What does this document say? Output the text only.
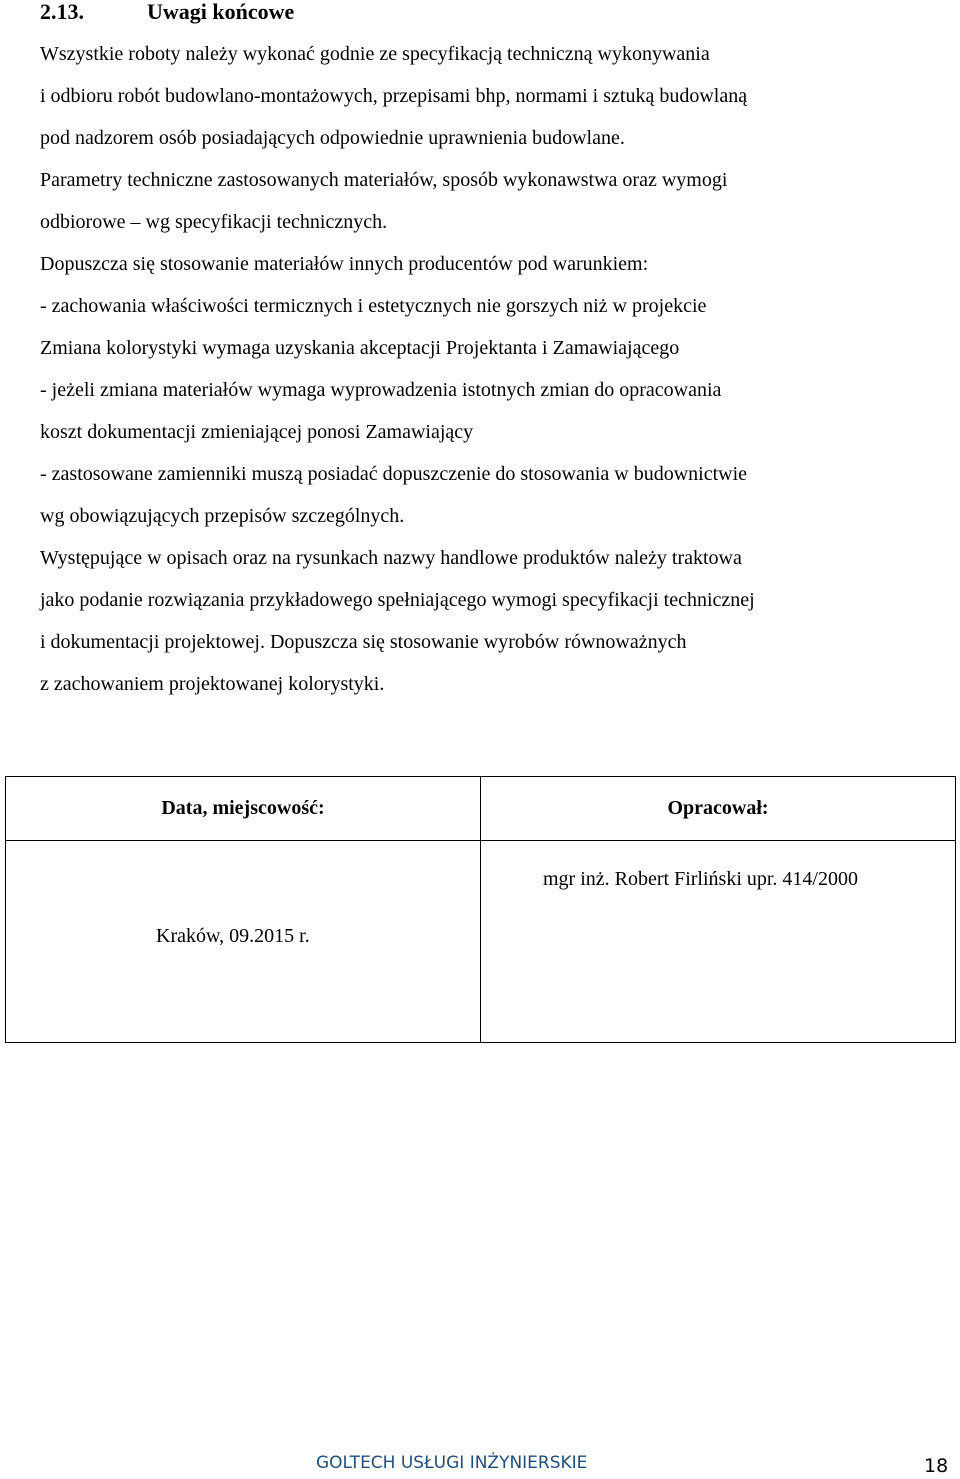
2.13.	Uwagi końcowe
Wszystkie roboty należy wykonać godnie ze specyfikacją techniczną wykonywania
i odbioru robót budowlano-montażowych, przepisami bhp, normami i sztuką budowlaną
pod nadzorem osób posiadających odpowiednie uprawnienia budowlane.
Parametry techniczne zastosowanych materiałów, sposób wykonawstwa oraz wymogi
odbiorowe – wg specyfikacji technicznych.
Dopuszcza się stosowanie materiałów innych producentów pod warunkiem:
- zachowania właściwości termicznych i estetycznych nie gorszych niż w projekcie
Zmiana kolorystyki wymaga uzyskania akceptacji Projektanta i Zamawiającego
- jeżeli zmiana materiałów wymaga wyprowadzenia istotnych zmian do opracowania
koszt dokumentacji zmieniającej ponosi Zamawiający
- zastosowane zamienniki muszą posiadać dopuszczenie do stosowania w budownictwie
wg obowiązujących przepisów szczególnych.
Występujące w opisach oraz na rysunkach nazwy handlowe produktów należy traktowa
jako podanie rozwiązania przykładowego spełniającego wymogi specyfikacji technicznej
i dokumentacji projektowej. Dopuszcza się stosowanie wyrobów równoważnych
z zachowaniem projektowanej kolorystyki.
Data, miejscowość:	Opracował:

Kraków, 09.2015 r.	mgr inż. Robert Firliński upr. 414/2000
GOLTECH USŁUGI INŻYNIERSKIE	18
